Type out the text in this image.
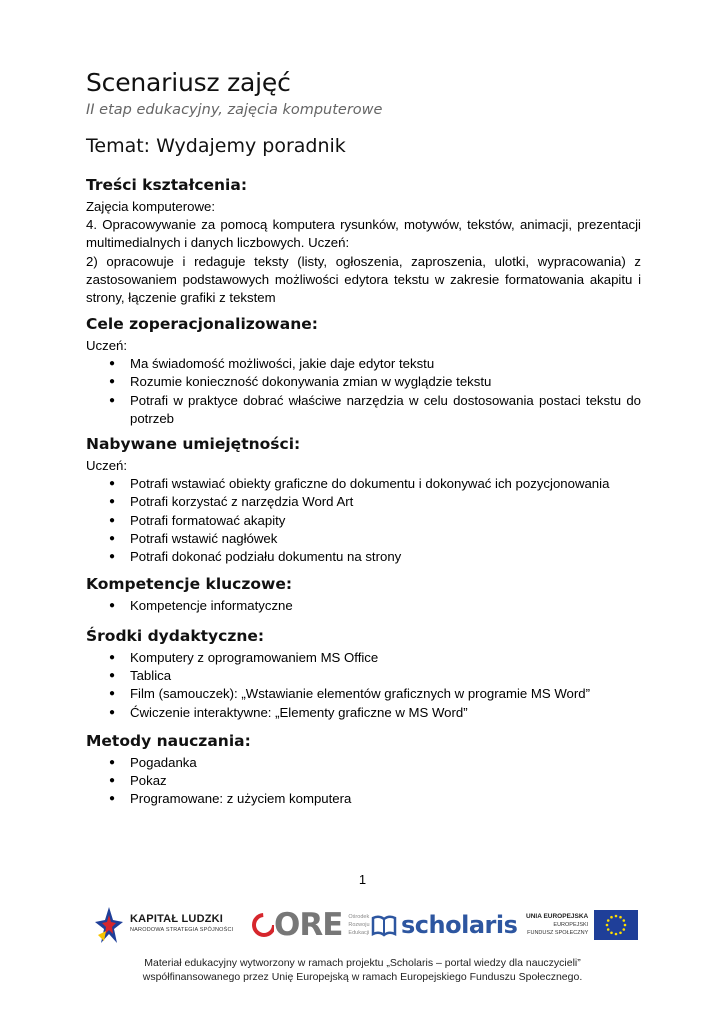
Scenariusz zajęć
II etap edukacyjny, zajęcia komputerowe
Temat: Wydajemy poradnik
Treści kształcenia:

Zajęcia komputerowe:

4. Opracowywanie za pomocą komputera rysunków, motywów, tekstów, animacji, prezentacji multimedialnych i danych liczbowych. Uczeń:

2) opracowuje i redaguje teksty (listy, ogłoszenia, zaproszenia, ulotki, wypracowania) z zastosowaniem podstawowych możliwości edytora tekstu w zakresie formatowania akapitu i strony, łączenie grafiki z tekstem

Cele zoperacjonalizowane:

Uczeń:

● Ma świadomość możliwości, jakie daje edytor tekstu
● Rozumie konieczność dokonywania zmian w wyglądzie tekstu
● Potrafi w praktyce dobrać właściwe narzędzia w celu dostosowania postaci tekstu do potrzeb
Nabywane umiejętności:

Uczeń:

● Potrafi wstawiać obiekty graficzne do dokumentu i dokonywać ich pozycjonowania
● Potrafi korzystać z narzędzia Word Art
● Potrafi formatować akapity
● Potrafi wstawić nagłówek
● Potrafi dokonać podziału dokumentu na strony
Kompetencje kluczowe:
● Kompetencje informatyczne
Środki dydaktyczne:
● Komputery z oprogramowaniem MS Office
● Tablica
● Film (samouczek): „Wstawianie elementów graficznych w programie MS Word”
● Ćwiczenie interaktywne: „Elementy graficzne w MS Word”
Metody nauczania:
● Pogadanka
● Pokaz
● Programowane: z użyciem komputera
1
KAPITAŁ LUDZKI
NARODOWA STRATEGIA SPÓJNOŚCI ORE Ośrodek
Rozwoju
Edukacji scholaris UNIA EUROPEJSKA
EUROPEJSKI
FUNDUSZ SPOŁECZNY
Materiał edukacyjny wytworzony w ramach projektu „Scholaris – portal wiedzy dla nauczycieli”
współfinansowanego przez Unię Europejską w ramach Europejskiego Funduszu Społecznego.
